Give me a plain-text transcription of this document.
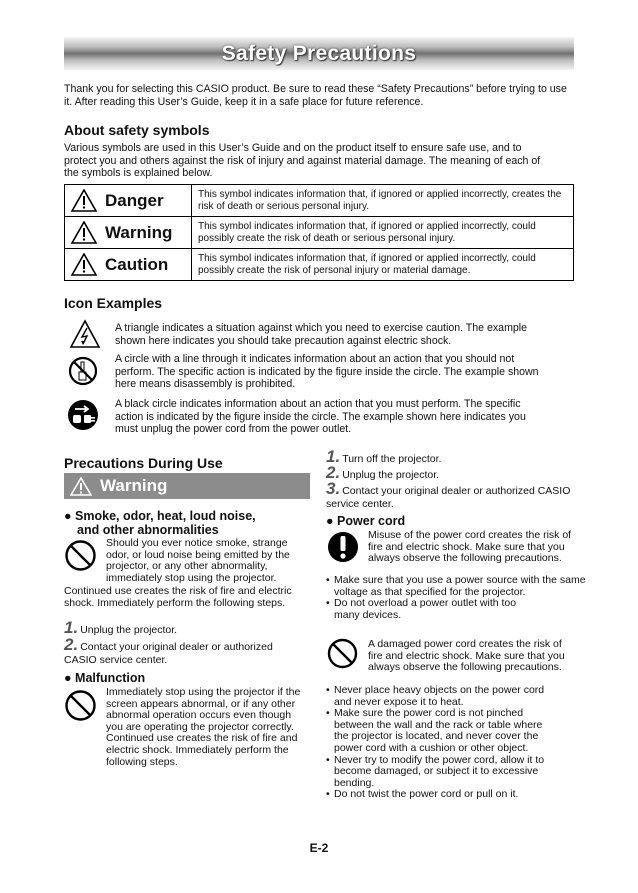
Safety Precautions
Thank you for selecting this CASIO product. Be sure to read these “Safety Precautions” before trying to use it. After reading this User’s Guide, keep it in a safe place for future reference.
About safety symbols
Various symbols are used in this User’s Guide and on the product itself to ensure safe use, and to protect you and others against the risk of injury and against material damage. The meaning of each of the symbols is explained below.
Danger	This symbol indicates information that, if ignored or applied incorrectly, creates the risk of death or serious personal injury.

Warning	This symbol indicates information that, if ignored or applied incorrectly, could possibly create the risk of death or serious personal injury.

Caution	This symbol indicates information that, if ignored or applied incorrectly, could possibly create the risk of personal injury or material damage.
Icon Examples
A triangle indicates a situation against which you need to exercise caution. The example shown here indicates you should take precaution against electric shock.
A circle with a line through it indicates information about an action that you should not perform. The specific action is indicated by the figure inside the circle. The example shown here means disassembly is prohibited.
A black circle indicates information about an action that you must perform. The specific action is indicated by the figure inside the circle. The example shown here indicates you must unplug the power cord from the power outlet.
Precautions During Use
Warning
● Smoke, odor, heat, loud noise,
and other abnormalities
Should you ever notice smoke, strange odor, or loud noise being emitted by the projector, or any other abnormality, immediately stop using the projector.
Continued use creates the risk of fire and electric shock. Immediately perform the following steps.
1. Unplug the projector.
2. Contact your original dealer or authorized CASIO service center.
● Malfunction
Immediately stop using the projector if the screen appears abnormal, or if any other abnormal operation occurs even though you are operating the projector correctly. Continued use creates the risk of fire and electric shock. Immediately perform the following steps.
1. Turn off the projector.
2. Unplug the projector.
3. Contact your original dealer or authorized CASIO service center.
● Power cord
Misuse of the power cord creates the risk of fire and electric shock. Make sure that you always observe the following precautions.
• Make sure that you use a power source with the same voltage as that specified for the projector.
• Do not overload a power outlet with too many devices.
A damaged power cord creates the risk of fire and electric shock. Make sure that you always observe the following precautions.
• Never place heavy objects on the power cord and never expose it to heat.
• Make sure the power cord is not pinched between the wall and the rack or table where the projector is located, and never cover the power cord with a cushion or other object.
• Never try to modify the power cord, allow it to become damaged, or subject it to excessive bending.
• Do not twist the power cord or pull on it.
E-2
